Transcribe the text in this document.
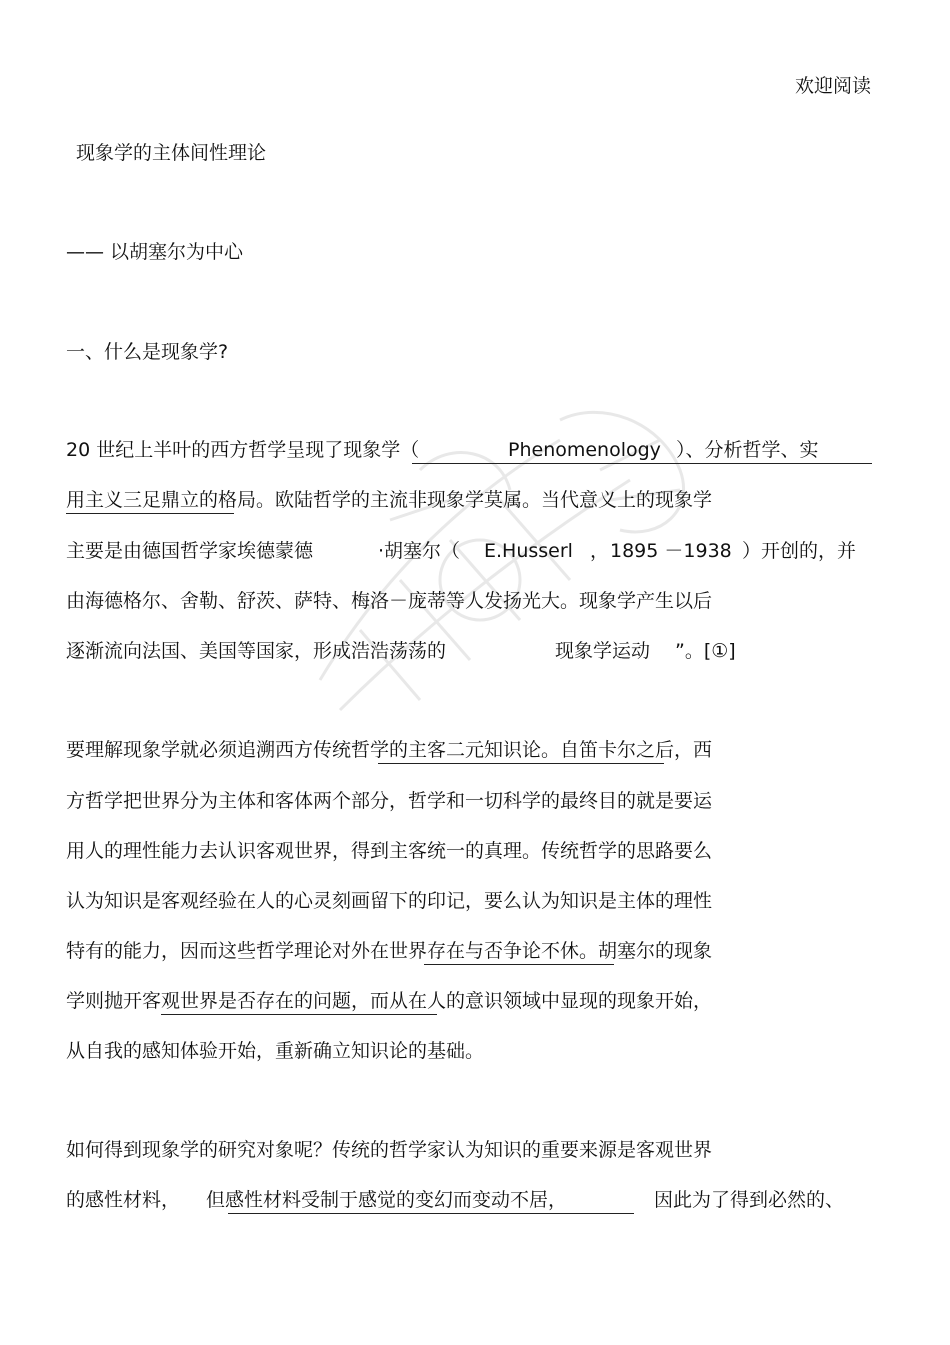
欢迎阅读
现象学的主体间性理论
—— 以胡塞尔为中心
一、什么是现象学?
20 世纪上半叶的西方哲学呈现了现象学（	Phenomenology ）、分析哲学、实
用主义三足鼎立的格局。欧陆哲学的主流非现象学莫属。当代意义上的现象学
主要是由德国哲学家埃德蒙德	·胡塞尔（ E.Husserl ， 1895 －1938 ）开创的，并
由海德格尔、舍勒、舒茨、萨特、梅洛－庞蒂等人发扬光大。现象学产生以后
逐渐流向法国、美国等国家，形成浩浩荡荡的	现象学运动 ”。[①]
要理解现象学就必须追溯西方传统哲学的主客二元知识论。自笛卡尔之后，西
方哲学把世界分为主体和客体两个部分，哲学和一切科学的最终目的就是要运
用人的理性能力去认识客观世界，得到主客统一的真理。传统哲学的思路要么
认为知识是客观经验在人的心灵刻画留下的印记，要么认为知识是主体的理性
特有的能力，因而这些哲学理论对外在世界存在与否争论不休。胡塞尔的现象
学则抛开客观世界是否存在的问题，而从在人的意识领域中显现的现象开始，
从自我的感知体验开始，重新确立知识论的基础。
如何得到现象学的研究对象呢？传统的哲学家认为知识的重要来源是客观世界
的感性材料， 但感性材料受制于感觉的变幻而变动不居，	因此为了得到必然的、
